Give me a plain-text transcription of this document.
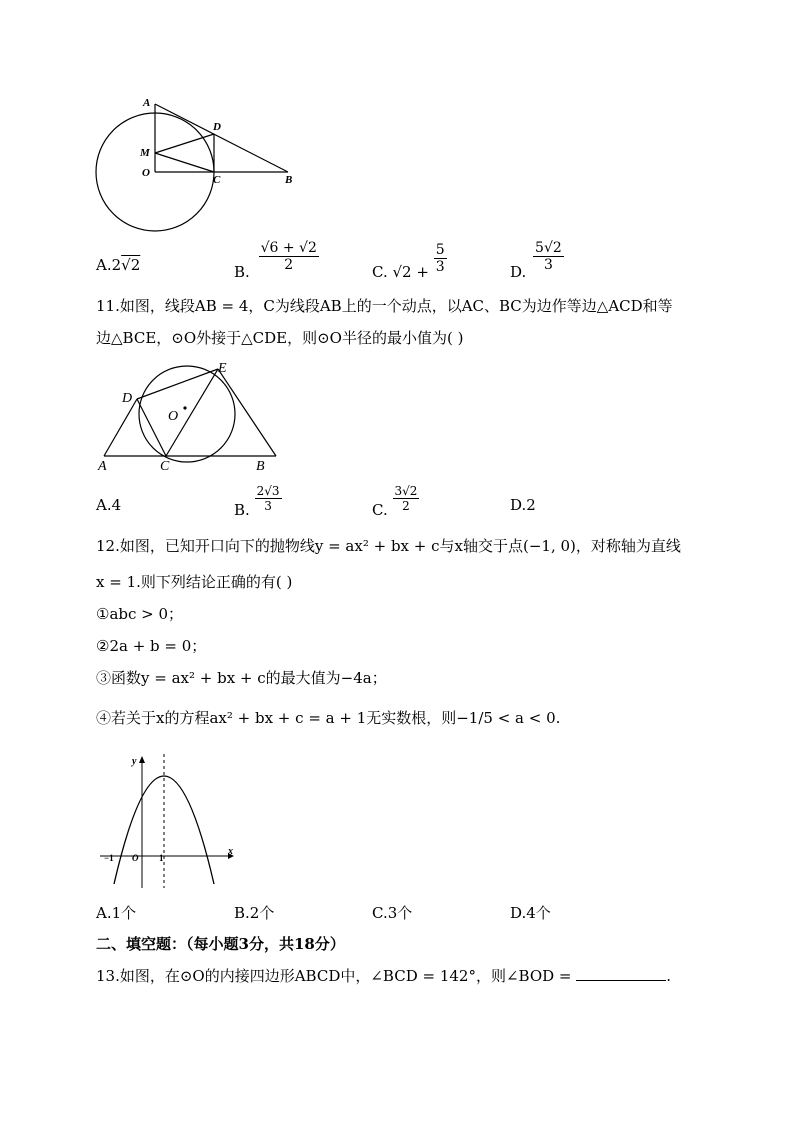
A
D
M
O
C	B
A.2√2	B. $\frac{√6 + √2}{2}$	C. $√2 + \frac{5}{3}$	D. $\frac{5√2}{3}$
11.如图，线段AB = 4，C为线段AB上的一个动点，以AC、BC为边作等边△ACD和等
边△BCE，⊙O外接于△CDE，则⊙O半径的最小值为( )
D
E
O
A	C	B
A.4	B. $\frac{2√3}{3}$	C. $\frac{3√2}{2}$	D.2
12.如图，已知开口向下的抛物线y = ax² + bx + c与x轴交于点(−1, 0)，对称轴为直线
x = 1.则下列结论正确的有( )
①abc > 0；
②2a + b = 0；
③函数y = ax² + bx + c的最大值为−4a；
④若关于x的方程ax² + bx + c = a + 1无实数根，则−1/5 < a < 0.
y
x
−1 O 1
A.1个	B.2个	C.3个	D.4个
二、填空题：（每小题3分，共18分）
13.如图，在⊙O的内接四边形ABCD中，∠BCD = 142°，则∠BOD =	.
